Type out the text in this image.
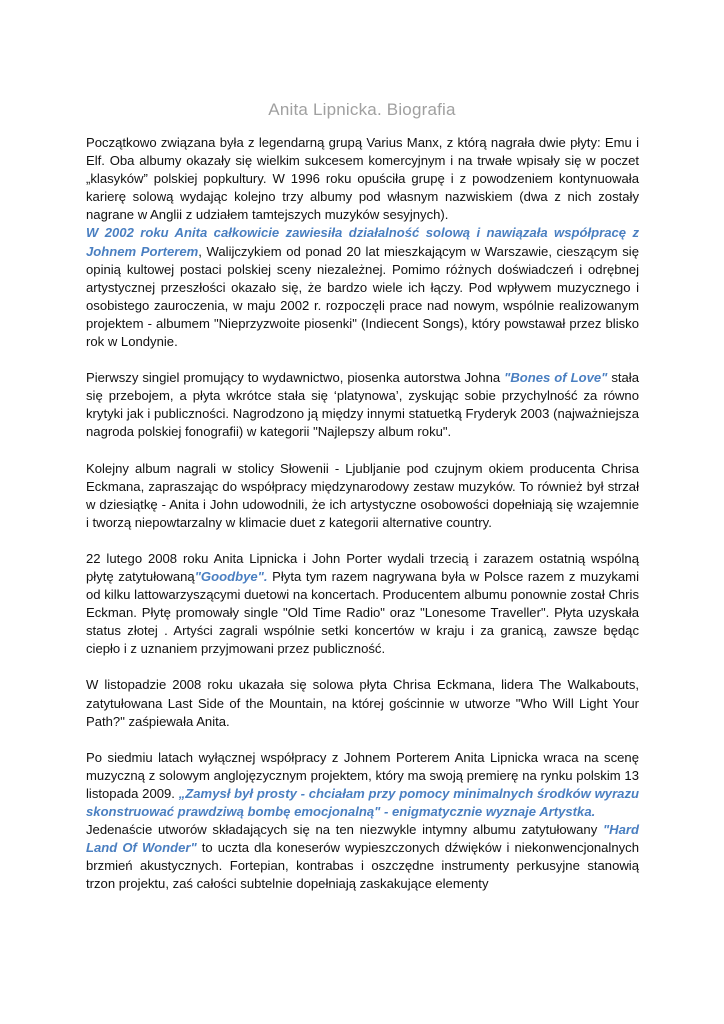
Anita Lipnicka. Biografia

Początkowo związana była z legendarną grupą Varius Manx, z którą nagrała dwie płyty: Emu i Elf. Oba albumy okazały się wielkim sukcesem komercyjnym i na trwałe wpisały się w poczet „klasyków” polskiej popkultury. W 1996 roku opuściła grupę i z powodzeniem kontynuowała karierę solową wydając kolejno trzy albumy pod własnym nazwiskiem (dwa z nich zostały nagrane w Anglii z udziałem tamtejszych muzyków sesyjnych).

W 2002 roku Anita całkowicie zawiesiła działalność solową i nawiązała współpracę z Johnem Porterem, Walijczykiem od ponad 20 lat mieszkającym w Warszawie, cieszącym się opinią kultowej postaci polskiej sceny niezależnej. Pomimo różnych doświadczeń i odrębnej artystycznej przeszłości okazało się, że bardzo wiele ich łączy. Pod wpływem muzycznego i osobistego zauroczenia, w maju 2002 r. rozpoczęli prace nad nowym, wspólnie realizowanym projektem - albumem "Nieprzyzwoite piosenki" (Indiecent Songs), który powstawał przez blisko rok w Londynie.

Pierwszy singiel promujący to wydawnictwo, piosenka autorstwa Johna "Bones of Love" stała się przebojem, a płyta wkrótce stała się ‘platynowa’, zyskując sobie przychylność za równo krytyki jak i publiczności. Nagrodzono ją między innymi statuetką Fryderyk 2003 (najważniejsza nagroda polskiej fonografii) w kategorii "Najlepszy album roku".

Kolejny album nagrali w stolicy Słowenii - Ljubljanie pod czujnym okiem producenta Chrisa Eckmana, zapraszając do współpracy międzynarodowy zestaw muzyków. To również był strzał w dziesiątkę - Anita i John udowodnili, że ich artystyczne osobowości dopełniają się wzajemnie i tworzą niepowtarzalny w klimacie duet z kategorii alternative country.

22 lutego 2008 roku Anita Lipnicka i John Porter wydali trzecią i zarazem ostatnią wspólną płytę zatytułowaną"Goodbye". Płyta tym razem nagrywana była w Polsce razem z muzykami od kilku lattowarzyszącymi duetowi na koncertach. Producentem albumu ponownie został Chris Eckman. Płytę promowały single "Old Time Radio" oraz "Lonesome Traveller". Płyta uzyskała status złotej . Artyści zagrali wspólnie setki koncertów w kraju i za granicą, zawsze będąc ciepło i z uznaniem przyjmowani przez publiczność.

W listopadzie 2008 roku ukazała się solowa płyta Chrisa Eckmana, lidera The Walkabouts, zatytułowana Last Side of the Mountain, na której gościnnie w utworze "Who Will Light Your Path?" zaśpiewała Anita.

Po siedmiu latach wyłącznej współpracy z Johnem Porterem Anita Lipnicka wraca na scenę muzyczną z solowym anglojęzycznym projektem, który ma swoją premierę na rynku polskim 13 listopada 2009. „Zamysł był prosty - chciałam przy pomocy minimalnych środków wyrazu skonstruować prawdziwą bombę emocjonalną" - enigmatycznie wyznaje Artystka.

Jedenaście utworów składających się na ten niezwykle intymny albumu zatytułowany "Hard Land Of Wonder" to uczta dla koneserów wypieszczonych dźwięków i niekonwencjonalnych brzmień akustycznych. Fortepian, kontrabas i oszczędne instrumenty perkusyjne stanowią trzon projektu, zaś całości subtelnie dopełniają zaskakujące elementy
